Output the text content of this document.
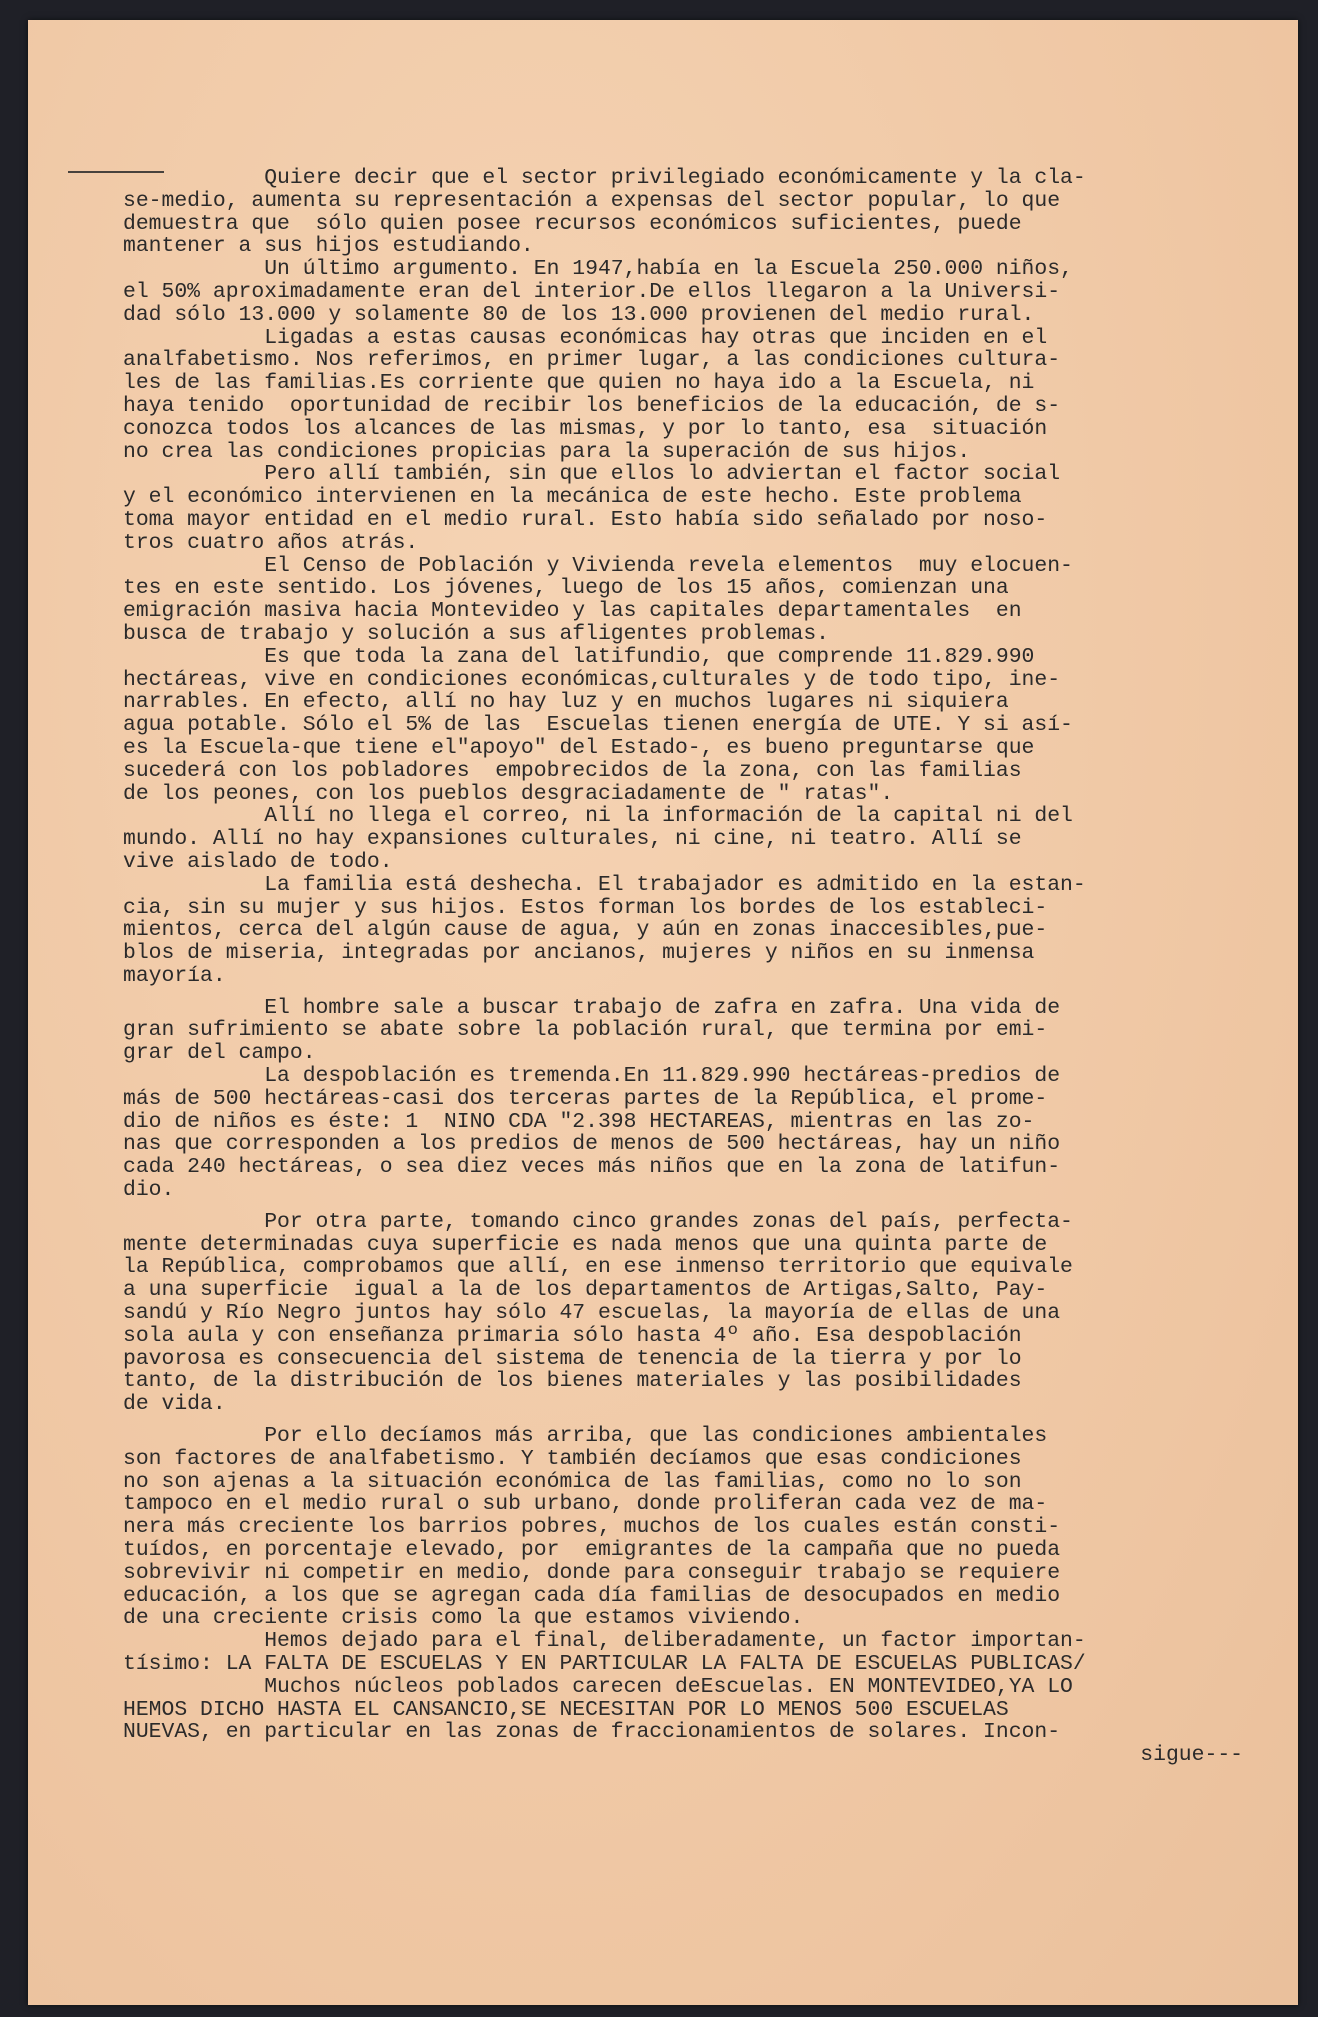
Quiere decir que el sector privilegiado económicamente y la cla-
se-medio, aumenta su representación a expensas del sector popular, lo que
demuestra que  sólo quien posee recursos económicos suficientes, puede
mantener a sus hijos estudiando.
Un último argumento. En 1947,había en la Escuela 250.000 niños,
el 50% aproximadamente eran del interior.De ellos llegaron a la Universi-
dad sólo 13.000 y solamente 80 de los 13.000 provienen del medio rural.
Ligadas a estas causas económicas hay otras que inciden en el
analfabetismo. Nos referimos, en primer lugar, a las condiciones cultura-
les de las familias.Es corriente que quien no haya ido a la Escuela, ni
haya tenido  oportunidad de recibir los beneficios de la educación, de s-
conozca todos los alcances de las mismas, y por lo tanto, esa  situación
no crea las condiciones propicias para la superación de sus hijos.
Pero allí también, sin que ellos lo adviertan el factor social
y el económico intervienen en la mecánica de este hecho. Este problema
toma mayor entidad en el medio rural. Esto había sido señalado por noso-
tros cuatro años atrás.
El Censo de Población y Vivienda revela elementos  muy elocuen-
tes en este sentido. Los jóvenes, luego de los 15 años, comienzan una
emigración masiva hacia Montevideo y las capitales departamentales  en
busca de trabajo y solución a sus afligentes problemas.
Es que toda la zana del latifundio, que comprende 11.829.990
hectáreas, vive en condiciones económicas,culturales y de todo tipo, ine-
narrables. En efecto, allí no hay luz y en muchos lugares ni siquiera
agua potable. Sólo el 5% de las  Escuelas tienen energía de UTE. Y si así-
es la Escuela-que tiene el"apoyo" del Estado-, es bueno preguntarse que
sucederá con los pobladores  empobrecidos de la zona, con las familias
de los peones, con los pueblos desgraciadamente de " ratas".
Allí no llega el correo, ni la información de la capital ni del
mundo. Allí no hay expansiones culturales, ni cine, ni teatro. Allí se
vive aislado de todo.
La familia está deshecha. El trabajador es admitido en la estan-
cia, sin su mujer y sus hijos. Estos forman los bordes de los estableci-
mientos, cerca del algún cause de agua, y aún en zonas inaccesibles,pue-
blos de miseria, integradas por ancianos, mujeres y niños en su inmensa
mayoría.
El hombre sale a buscar trabajo de zafra en zafra. Una vida de
gran sufrimiento se abate sobre la población rural, que termina por emi-
grar del campo.
La despoblación es tremenda.En 11.829.990 hectáreas-predios de
más de 500 hectáreas-casi dos terceras partes de la República, el prome-
dio de niños es éste: 1  NINO CDA "2.398 HECTAREAS, mientras en las zo-
nas que corresponden a los predios de menos de 500 hectáreas, hay un niño
cada 240 hectáreas, o sea diez veces más niños que en la zona de latifun-
dio.
Por otra parte, tomando cinco grandes zonas del país, perfecta-
mente determinadas cuya superficie es nada menos que una quinta parte de
la República, comprobamos que allí, en ese inmenso territorio que equivale
a una superficie  igual a la de los departamentos de Artigas,Salto, Pay-
sandú y Río Negro juntos hay sólo 47 escuelas, la mayoría de ellas de una
sola aula y con enseñanza primaria sólo hasta 4º año. Esa despoblación
pavorosa es consecuencia del sistema de tenencia de la tierra y por lo
tanto, de la distribución de los bienes materiales y las posibilidades
de vida.
Por ello decíamos más arriba, que las condiciones ambientales
son factores de analfabetismo. Y también decíamos que esas condiciones
no son ajenas a la situación económica de las familias, como no lo son
tampoco en el medio rural o sub urbano, donde proliferan cada vez de ma-
nera más creciente los barrios pobres, muchos de los cuales están consti-
tuídos, en porcentaje elevado, por  emigrantes de la campaña que no pueda
sobrevivir ni competir en medio, donde para conseguir trabajo se requiere
educación, a los que se agregan cada día familias de desocupados en medio
de una creciente crisis como la que estamos viviendo.
Hemos dejado para el final, deliberadamente, un factor importan-
tísimo: LA FALTA DE ESCUELAS Y EN PARTICULAR LA FALTA DE ESCUELAS PUBLICAS/
Muchos núcleos poblados carecen deEscuelas. EN MONTEVIDEO,YA LO
HEMOS DICHO HASTA EL CANSANCIO,SE NECESITAN POR LO MENOS 500 ESCUELAS
NUEVAS, en particular en las zonas de fraccionamientos de solares. Incon-
sigue---
